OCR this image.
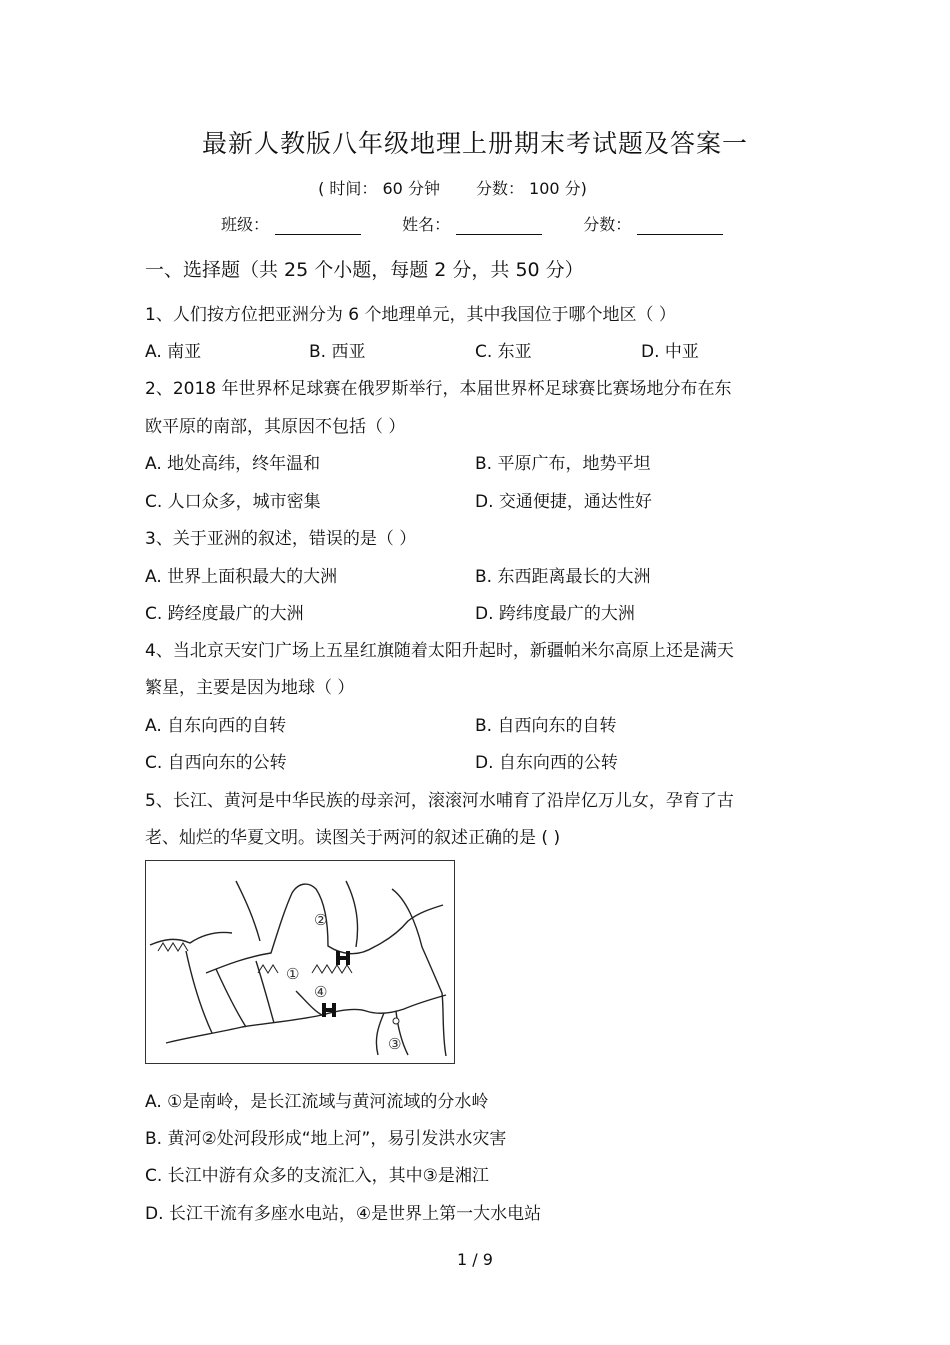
最新人教版八年级地理上册期末考试题及答案一
( 时间： 60 分钟 分数： 100 分)
班级：	姓名：	分数：
一、选择题（共 25 个小题，每题 2 分，共 50 分）
1、人们按方位把亚洲分为 6 个地理单元，其中我国位于哪个地区（ ）
A. 南亚	B. 西亚	C. 东亚	D. 中亚
2、2018 年世界杯足球赛在俄罗斯举行，本届世界杯足球赛比赛场地分布在东
欧平原的南部，其原因不包括（ ）
A. 地处高纬，终年温和	B. 平原广布，地势平坦
C. 人口众多，城市密集	D. 交通便捷，通达性好
3、关于亚洲的叙述，错误的是（ ）
A. 世界上面积最大的大洲	B. 东西距离最长的大洲
C. 跨经度最广的大洲	D. 跨纬度最广的大洲
4、当北京天安门广场上五星红旗随着太阳升起时，新疆帕米尔高原上还是满天
繁星，主要是因为地球（ ）
A. 自东向西的自转	B. 自西向东的自转
C. 自西向东的公转	D. 自东向西的公转
5、长江、黄河是中华民族的母亲河，滚滚河水哺育了沿岸亿万儿女，孕育了古
老、灿烂的华夏文明。读图关于两河的叙述正确的是 ( )
①
②
③
④
A. ①是南岭，是长江流域与黄河流域的分水岭
B. 黄河②处河段形成“地上河”，易引发洪水灾害
C. 长江中游有众多的支流汇入，其中③是湘江
D. 长江干流有多座水电站，④是世界上第一大水电站
1 / 9
